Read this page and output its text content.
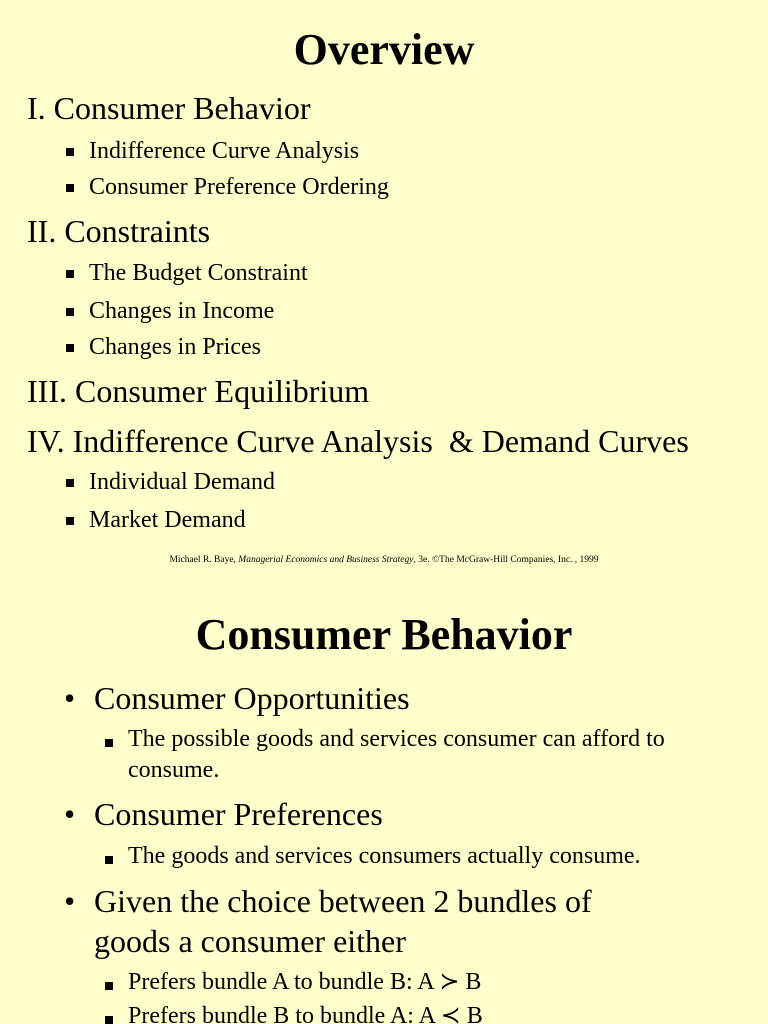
Overview
I. Consumer Behavior
Indifference Curve Analysis
Consumer Preference Ordering
II. Constraints
The Budget Constraint
Changes in Income
Changes in Prices
III. Consumer Equilibrium
IV. Indifference Curve Analysis  & Demand Curves
Individual Demand
Market Demand
Michael R. Baye, Managerial Economics and Business Strategy, 3e. ©The McGraw-Hill Companies, Inc. , 1999
Consumer Behavior
• Consumer Opportunities
The possible goods and services consumer can afford to
consume.
• Consumer Preferences
The goods and services consumers actually consume.
• Given the choice between 2 bundles of
goods a consumer either
Prefers bundle A to bundle B: A ≻ B
Prefers bundle B to bundle A: A ≺ B
